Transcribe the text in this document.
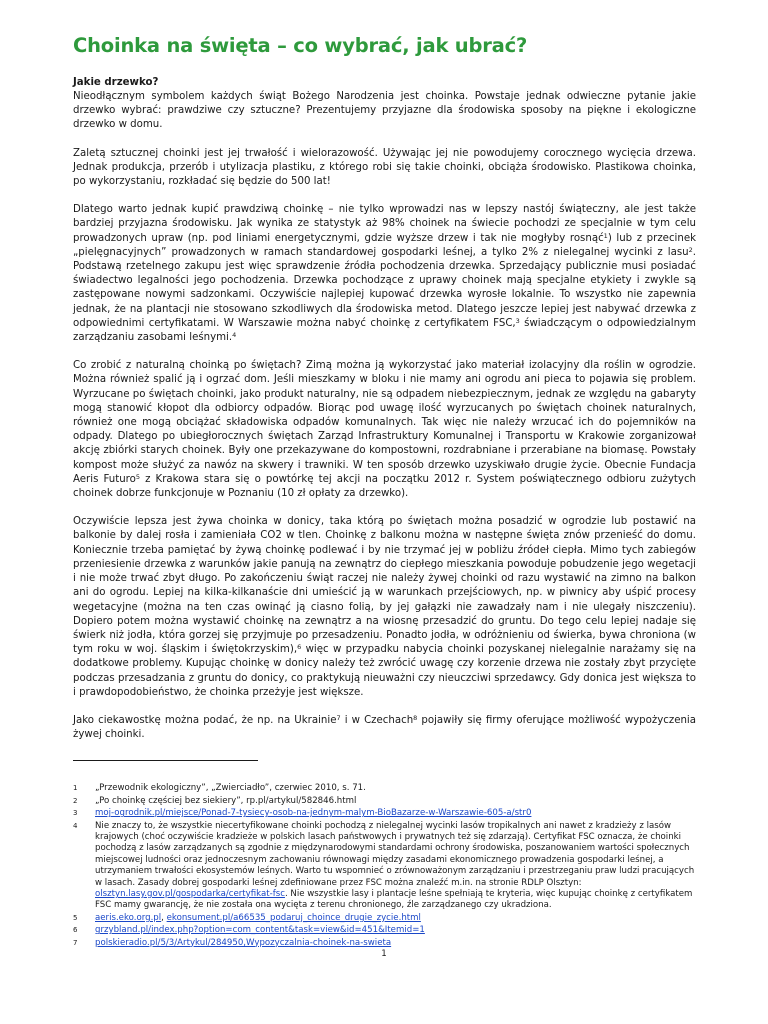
Choinka na święta – co wybrać, jak ubrać?
Jakie drzewko?

Nieodłącznym symbolem każdych świąt Bożego Narodzenia jest choinka. Powstaje jednak odwieczne pytanie jakie drzewko wybrać: prawdziwe czy sztuczne? Prezentujemy przyjazne dla środowiska sposoby na piękne i ekologiczne drzewko w domu.

Zaletą sztucznej choinki jest jej trwałość i wielorazowość. Używając jej nie powodujemy corocznego wycięcia drzewa. Jednak produkcja, przerób i utylizacja plastiku, z którego robi się takie choinki, obciąża środowisko. Plastikowa choinka, po wykorzystaniu, rozkładać się będzie do 500 lat!

Dlatego warto jednak kupić prawdziwą choinkę – nie tylko wprowadzi nas w lepszy nastój świąteczny, ale jest także bardziej przyjazna środowisku. Jak wynika ze statystyk aż 98% choinek na świecie pochodzi ze specjalnie w tym celu prowadzonych upraw (np. pod liniami energetycznymi, gdzie wyższe drzew i tak nie mogłyby rosnąć$^1$) lub z przecinek „pielęgnacyjnych” prowadzonych w ramach standardowej gospodarki leśnej, a tylko 2% z nielegalnej wycinki z lasu$^2$. Podstawą rzetelnego zakupu jest więc sprawdzenie źródła pochodzenia drzewka. Sprzedający publicznie musi posiadać świadectwo legalności jego pochodzenia. Drzewka pochodzące z uprawy choinek mają specjalne etykiety i zwykle są zastępowane nowymi sadzonkami. Oczywiście najlepiej kupować drzewka wyrosłe lokalnie. To wszystko nie zapewnia jednak, że na plantacji nie stosowano szkodliwych dla środowiska metod. Dlatego jeszcze lepiej jest nabywać drzewka z odpowiednimi certyfikatami. W Warszawie można nabyć choinkę z certyfikatem FSC,$^3$ świadczącym o odpowiedzialnym zarządzaniu zasobami leśnymi.$^4$

Co zrobić z naturalną choinką po świętach? Zimą można ją wykorzystać jako materiał izolacyjny dla roślin w ogrodzie. Można również spalić ją i ogrzać dom. Jeśli mieszkamy w bloku i nie mamy ani ogrodu ani pieca to pojawia się problem. Wyrzucane po świętach choinki, jako produkt naturalny, nie są odpadem niebezpiecznym, jednak ze względu na gabaryty mogą stanowić kłopot dla odbiorcy odpadów. Biorąc pod uwagę ilość wyrzucanych po świętach choinek naturalnych, również one mogą obciążać składowiska odpadów komunalnych. Tak więc nie należy wrzucać ich do pojemników na odpady. Dlatego po ubiegłorocznych świętach Zarząd Infrastruktury Komunalnej i Transportu w Krakowie zorganizował akcję zbiórki starych choinek. Były one przekazywane do kompostowni, rozdrabniane i przerabiane na biomasę. Powstały kompost może służyć za nawóz na skwery i trawniki. W ten sposób drzewko uzyskiwało drugie życie. Obecnie Fundacja Aeris Futuro$^5$ z Krakowa stara się o powtórkę tej akcji na początku 2012 r. System poświątecznego odbioru zużytych choinek dobrze funkcjonuje w Poznaniu (10 zł opłaty za drzewko).

Oczywiście lepsza jest żywa choinka w donicy, taka którą po świętach można posadzić w ogrodzie lub postawić na balkonie by dalej rosła i zamieniała CO2 w tlen. Choinkę z balkonu można w następne święta znów przenieść do domu. Koniecznie trzeba pamiętać by żywą choinkę podlewać i by nie trzymać jej w pobliżu źródeł ciepła. Mimo tych zabiegów przeniesienie drzewka z warunków jakie panują na zewnątrz do ciepłego mieszkania powoduje pobudzenie jego wegetacji i nie może trwać zbyt długo. Po zakończeniu świąt raczej nie należy żywej choinki od razu wystawić na zimno na balkon ani do ogrodu. Lepiej na kilka-kilkanaście dni umieścić ją w warunkach przejściowych, np. w piwnicy aby uśpić procesy wegetacyjne (można na ten czas owinąć ją ciasno folią, by jej gałązki nie zawadzały nam i nie ulegały niszczeniu). Dopiero potem można wystawić choinkę na zewnątrz a na wiosnę przesadzić do gruntu. Do tego celu lepiej nadaje się świerk niż jodła, która gorzej się przyjmuje po przesadzeniu. Ponadto jodła, w odróżnieniu od świerka, bywa chroniona (w tym roku w woj. śląskim i świętokrzyskim),$^6$ więc w przypadku nabycia choinki pozyskanej nielegalnie narażamy się na dodatkowe problemy. Kupując choinkę w donicy należy też zwrócić uwagę czy korzenie drzewa nie zostały zbyt przycięte podczas przesadzania z gruntu do donicy, co praktykują nieuważni czy nieuczciwi sprzedawcy. Gdy donica jest większa to i prawdopodobieństwo, że choinka przeżyje jest większe.

Jako ciekawostkę można podać, że np. na Ukrainie$^7$ i w Czechach$^8$ pojawiły się firmy oferujące możliwość wypożyczenia żywej choinki.

1	„Przewodnik ekologiczny”, „Zwierciadło”, czerwiec 2010, s. 71.
2	„Po choinkę częściej bez siekiery”, rp.pl/artykul/582846.html
3	moj-ogrodnik.pl/miejsce/Ponad-7-tysiecy-osob-na-jednym-malym-BioBazarze-w-Warszawie-605-a/str0
4	Nie znaczy to, że wszystkie niecertyfikowane choinki pochodzą z nielegalnej wycinki lasów tropikalnych ani nawet z kradzieży z lasów krajowych (choć oczywiście kradzieże w polskich lasach państwowych i prywatnych też się zdarzają). Certyfikat FSC oznacza, że choinki pochodzą z lasów zarządzanych są zgodnie z międzynarodowymi standardami ochrony środowiska, poszanowaniem wartości społecznych miejscowej ludności oraz jednoczesnym zachowaniu równowagi między zasadami ekonomicznego prowadzenia gospodarki leśnej, a utrzymaniem trwałości ekosystemów leśnych. Warto tu wspomnieć o zrównoważonym zarządzaniu i przestrzeganiu praw ludzi pracujących w lasach. Zasady dobrej gospodarki leśnej zdefiniowane przez FSC można znaleźć m.in. na stronie RDLP Olsztyn: olsztyn.lasy.gov.pl/gospodarka/certyfikat-fsc. Nie wszystkie lasy i plantacje leśne spełniają te kryteria, więc kupując choinkę z certyfikatem FSC mamy gwarancję, że nie została ona wycięta z terenu chronionego, źle zarządzanego czy ukradziona.
5	aeris.eko.org.pl, ekonsument.pl/a66535_podaruj_choince_drugie_zycie.html
6	grzybland.pl/index.php?option=com_content&task=view&id=451&Itemid=1
7	polskieradio.pl/5/3/Artykul/284950,Wypozyczalnia-choinek-na-swieta
1
